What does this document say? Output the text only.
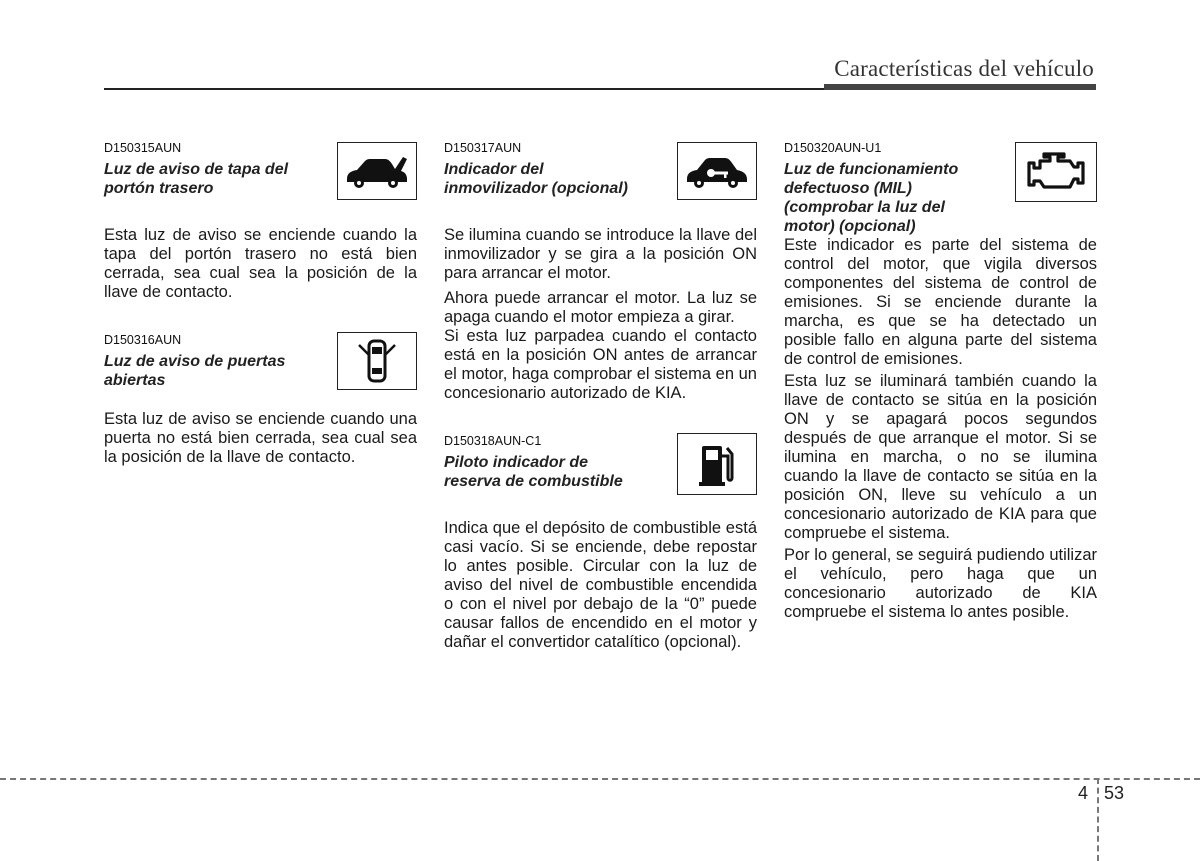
Características del vehículo

D150315AUN

Luz de aviso de tapa del portón trasero

Esta luz de aviso se enciende cuando la tapa del portón trasero no está bien cerrada, sea cual sea la posición de la llave de contacto.

D150316AUN

Luz de aviso de puertas abiertas

Esta luz de aviso se enciende cuando una puerta no está bien cerrada, sea cual sea la posición de la llave de contacto.

D150317AUN

Indicador del inmovilizador (opcional)

Se ilumina cuando se introduce la llave del inmovilizador y se gira a la posición ON para arrancar el motor.

Ahora puede arrancar el motor. La luz se apaga cuando el motor empieza a girar.

Si esta luz parpadea cuando el contacto está en la posición ON antes de arrancar el motor, haga comprobar el sistema en un concesionario autorizado de KIA.

D150318AUN-C1

Piloto indicador de reserva de combustible

Indica que el depósito de combustible está casi vacío. Si se enciende, debe repostar lo antes posible. Circular con la luz de aviso del nivel de combustible encendida o con el nivel por debajo de la “0” puede causar fallos de encendido en el motor y dañar el convertidor catalítico (opcional).

D150320AUN-U1

Luz de funcionamiento defectuoso (MIL) (comprobar la luz del motor) (opcional)

Este indicador es parte del sistema de control del motor, que vigila diversos componentes del sistema de control de emisiones. Si se enciende durante la marcha, es que se ha detectado un posible fallo en alguna parte del sistema de control de emisiones.

Esta luz se iluminará también cuando la llave de contacto se sitúa en la posición ON y se apagará pocos segundos después de que arranque el motor. Si se ilumina en marcha, o no se ilumina cuando la llave de contacto se sitúa en la posición ON, lleve su vehículo a un concesionario autorizado de KIA para que compruebe el sistema.

Por lo general, se seguirá pudiendo utilizar el vehículo, pero haga que un concesionario autorizado de KIA compruebe el sistema lo antes posible.

4 53
